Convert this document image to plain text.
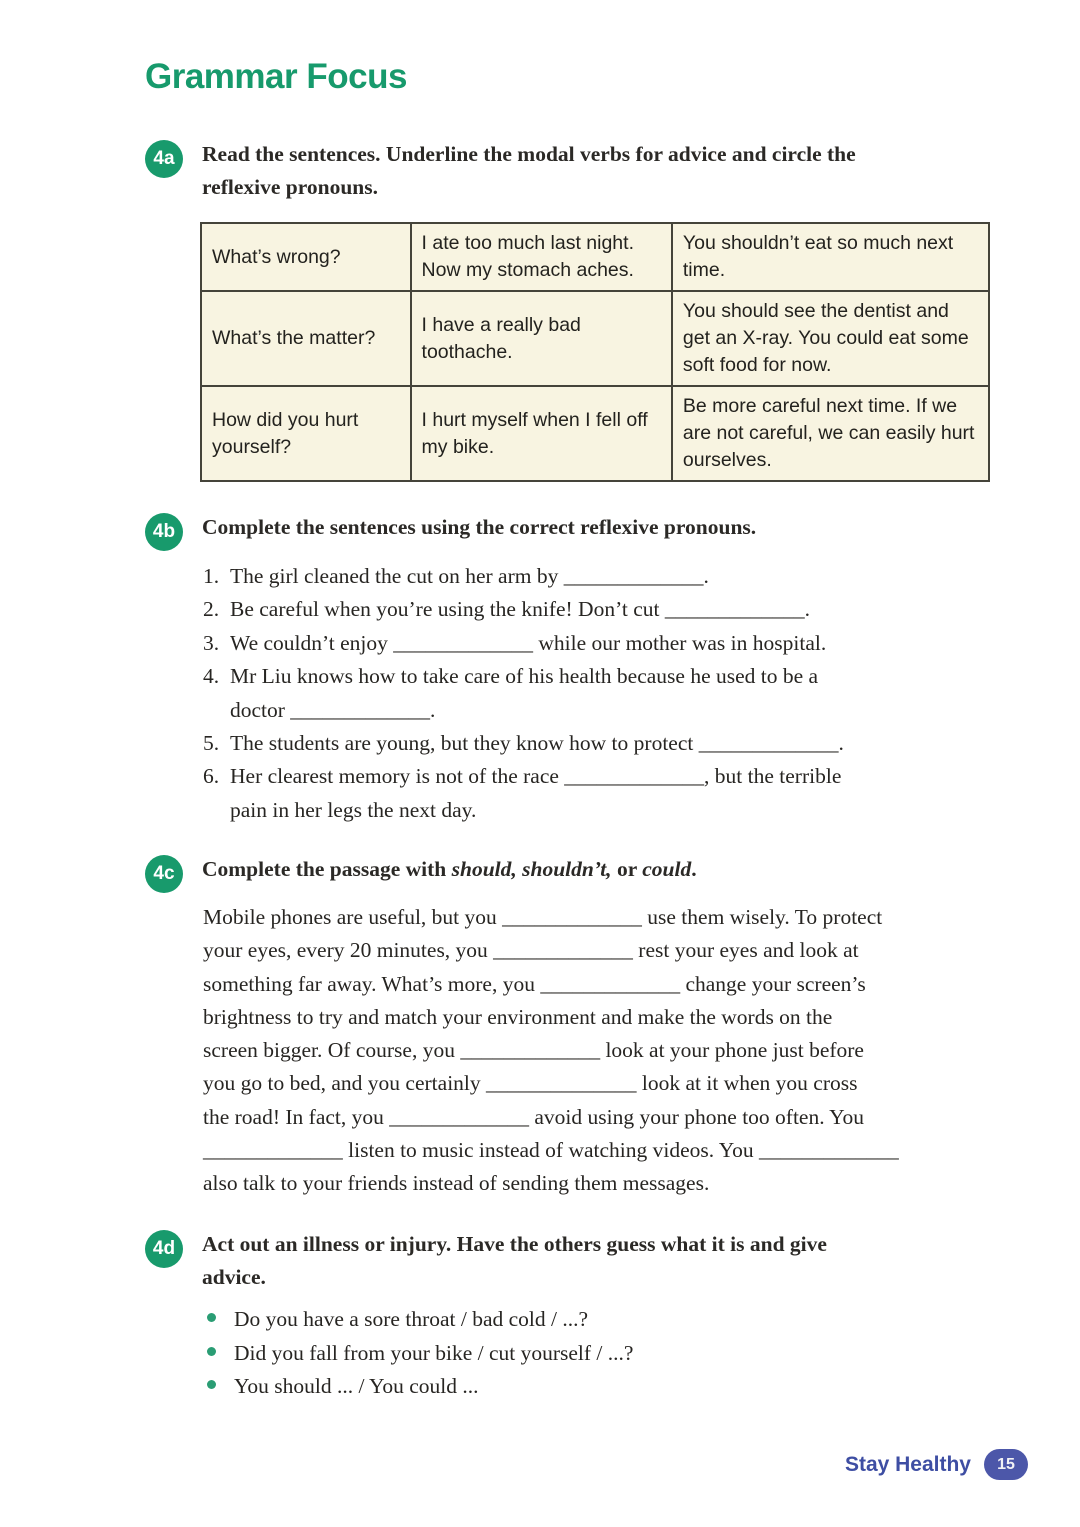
Grammar Focus
4a	Read the sentences. Underline the modal verbs for advice and circle the
reflexive pronouns.
What’s wrong?	I ate too much last night. Now my stomach aches.	You shouldn’t eat so much next time.
What’s the matter?	I have a really bad toothache.	You should see the dentist and get an X-ray. You could eat some soft food for now.
How did you hurt yourself?	I hurt myself when I fell off my bike.	Be more careful next time. If we are not careful, we can easily hurt ourselves.
4b	Complete the sentences using the correct reflexive pronouns.
1. The girl cleaned the cut on her arm by _____________.
2. Be careful when you’re using the knife! Don’t cut _____________.
3. We couldn’t enjoy _____________ while our mother was in hospital.
4. Mr Liu knows how to take care of his health because he used to be a
doctor _____________.
5. The students are young, but they know how to protect _____________.
6. Her clearest memory is not of the race _____________, but the terrible
pain in her legs the next day.
4c	Complete the passage with should, shouldn’t, or could.
Mobile phones are useful, but you _____________ use them wisely. To protect
your eyes, every 20 minutes, you _____________ rest your eyes and look at
something far away. What’s more, you _____________ change your screen’s
brightness to try and match your environment and make the words on the
screen bigger. Of course, you _____________ look at your phone just before
you go to bed, and you certainly ______________ look at it when you cross
the road! In fact, you _____________ avoid using your phone too often. You
_____________ listen to music instead of watching videos. You _____________
also talk to your friends instead of sending them messages.
4d	Act out an illness or injury. Have the others guess what it is and give
advice.
Do you have a sore throat / bad cold / ...?
Did you fall from your bike / cut yourself / ...?
You should ... / You could ...
Stay Healthy	15
